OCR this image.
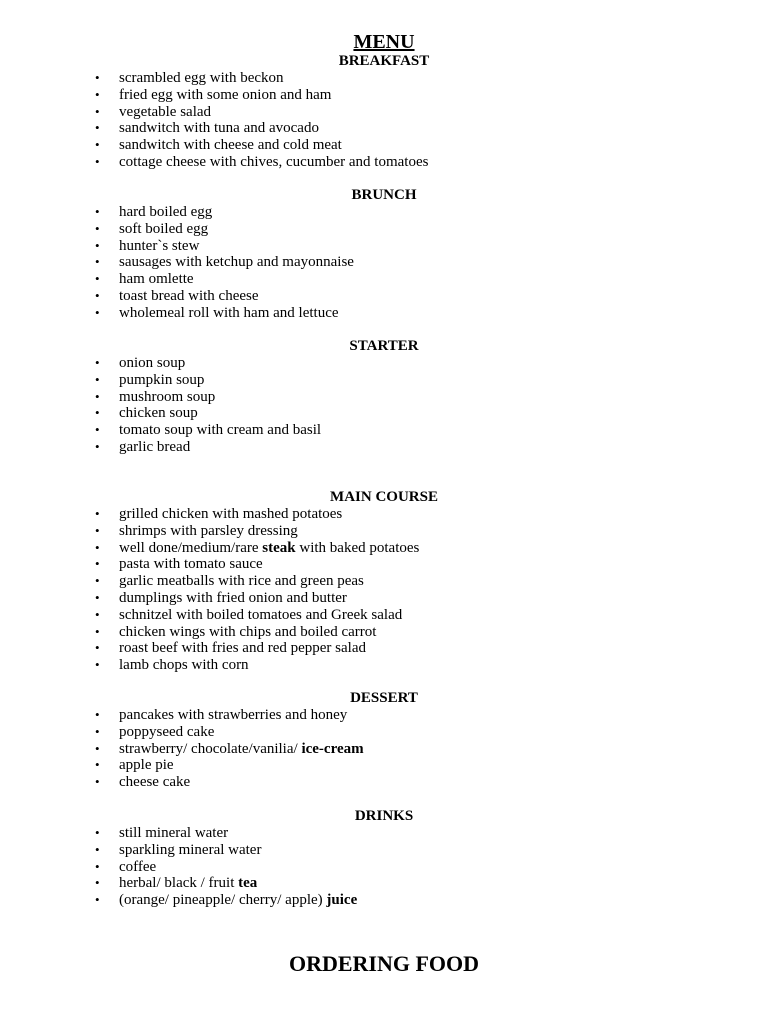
MENU
BREAKFAST
• scrambled egg with beckon
• fried egg with some onion and ham
• vegetable salad
• sandwitch with tuna and avocado
• sandwitch with cheese and cold meat
• cottage cheese with chives, cucumber and tomatoes
BRUNCH
• hard boiled egg
• soft boiled egg
• hunter`s stew
• sausages with ketchup and mayonnaise
• ham omlette
• toast bread with cheese
• wholemeal roll with ham and lettuce
STARTER
• onion soup
• pumpkin soup
• mushroom soup
• chicken soup
• tomato soup with cream and basil
• garlic bread
MAIN COURSE
• grilled chicken with mashed potatoes
• shrimps with parsley dressing
• well done/medium/rare steak with baked potatoes
• pasta with tomato sauce
• garlic meatballs with rice and green peas
• dumplings with fried onion and butter
• schnitzel with boiled tomatoes and Greek salad
• chicken wings with chips and boiled carrot
• roast beef with fries and red pepper salad
• lamb chops with corn
DESSERT
• pancakes with strawberries and honey
• poppyseed cake
• strawberry/ chocolate/vanilia/ ice-cream
• apple pie
• cheese cake
DRINKS
• still mineral water
• sparkling mineral water
• coffee
• herbal/ black / fruit tea
• (orange/ pineapple/ cherry/ apple) juice
ORDERING FOOD
